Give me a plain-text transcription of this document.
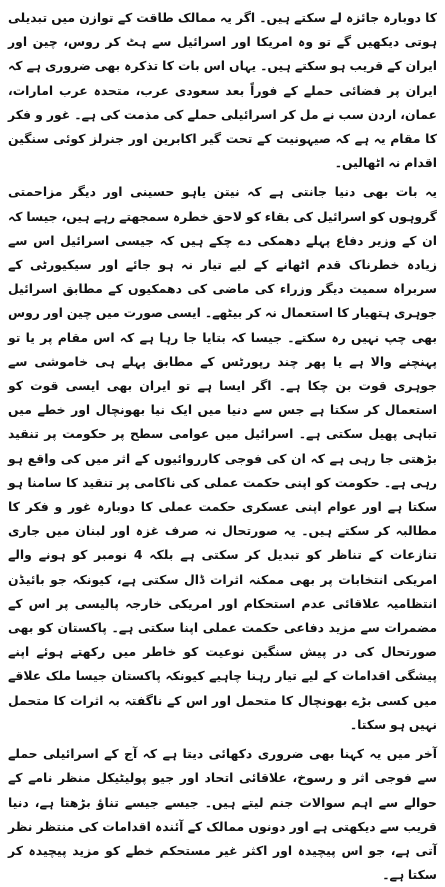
کا دوبارہ جائزہ لے سکتے ہیں۔ اگر یہ ممالک طاقت کے توازن میں تبدیلی ہوتی دیکھیں گے تو وہ امریکا اور اسرائیل سے ہٹ کر روس، چین اور ایران کے قریب ہو سکتے ہیں۔ یہاں اس بات کا تذکرہ بھی ضروری ہے کہ ایران پر فضائی حملے کے فوراً بعد سعودی عرب، متحدہ عرب امارات، عمان، اردن سب نے مل کر اسرائیلی حملے کی مذمت کی ہے۔ غور و فکر کا مقام یہ ہے کہ صیہونیت کے تحت گیر اکابرین اور جنرلز کوئی سنگین اقدام نہ اٹھالیں۔

یہ بات بھی دنیا جانتی ہے کہ نیتن یاہو حسینی اور دیگر مزاحمتی گروہوں کو اسرائیل کی بقاء کو لاحق خطرہ سمجھتے رہے ہیں، جیسا کہ ان کے وزیر دفاع پہلے دھمکی دے چکے ہیں کہ جیسی اسرائیل اس سے زیادہ خطرناک قدم اٹھانے کے لیے تیار نہ ہو جائے اور سیکیورٹی کے سربراہ سمیت دیگر وزراء کی ماضی کی دھمکیوں کے مطابق اسرائیل جوہری ہتھیار کا استعمال نہ کر بیٹھے۔ ایسی صورت میں چین اور روس بھی چپ نہیں رہ سکتے۔ جیسا کہ بتایا جا رہا ہے کہ اس مقام پر یا تو پہنچنے والا ہے یا پھر چند رپورٹس کے مطابق پہلے ہی خاموشی سے جوہری قوت بن چکا ہے۔ اگر ایسا ہے تو ایران بھی ایسی قوت کو استعمال کر سکتا ہے جس سے دنیا میں ایک نیا بھونچال اور خطے میں تباہی پھیل سکتی ہے۔ اسرائیل میں عوامی سطح پر حکومت پر تنقید بڑھتی جا رہی ہے کہ ان کی فوجی کارروائیوں کے اثر میں کی واقع ہو رہی ہے۔ حکومت کو اپنی حکمت عملی کی ناکامی پر تنقید کا سامنا ہو سکتا ہے اور عوام اپنی عسکری حکمت عملی کا دوبارہ غور و فکر کا مطالبہ کر سکتے ہیں۔ یہ صورتحال نہ صرف غزہ اور لبنان میں جاری تنازعات کے تناظر کو تبدیل کر سکتی ہے بلکہ 4 نومبر کو ہونے والے امریکی انتخابات پر بھی ممکنہ اثرات ڈال سکتی ہے، کیونکہ جو بائیڈن انتظامیہ علاقائی عدم استحکام اور امریکی خارجہ پالیسی پر اس کے مضمرات سے مزید دفاعی حکمت عملی اپنا سکتی ہے۔ پاکستان کو بھی صورتحال کی در پیش سنگین نوعیت کو خاطر میں رکھتے ہوئے اپنے پیشگی اقدامات کے لیے تیار رہنا چاہیے کیونکہ پاکستان جیسا ملک علاقے میں کسی بڑے بھونچال کا متحمل اور اس کے ناگفتہ بہ اثرات کا متحمل نہیں ہو سکتا۔

آخر میں یہ کہنا بھی ضروری دکھائی دیتا ہے کہ آج کے اسرائیلی حملے سے فوجی اثر و رسوخ، علاقائی اتحاد اور جیو پولیٹیکل منظر نامے کے حوالے سے اہم سوالات جنم لیتے ہیں۔ جیسے جیسے تناؤ بڑھتا ہے، دنیا قریب سے دیکھتی ہے اور دونوں ممالک کے آئندہ اقدامات کی منتظر نظر آتی ہے، جو اس پیچیدہ اور اکثر غیر مستحکم خطے کو مزید پیچیدہ کر سکتا ہے۔
